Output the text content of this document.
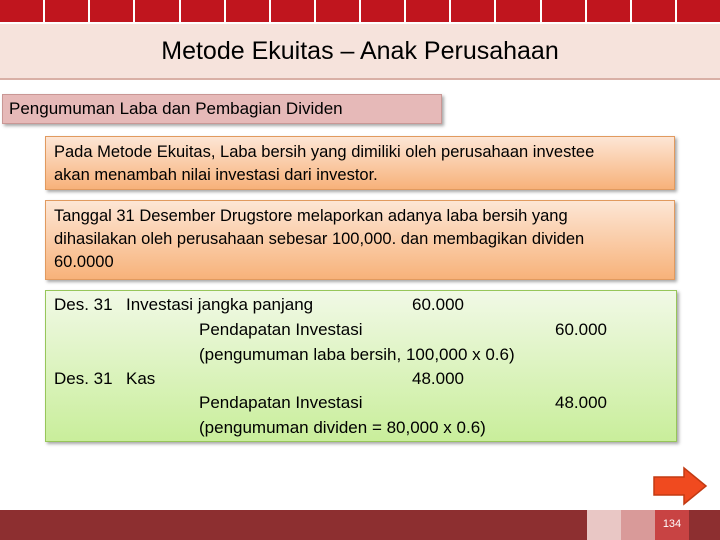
Metode Ekuitas – Anak Perusahaan
Pengumuman Laba dan Pembagian Dividen
Pada Metode Ekuitas, Laba bersih yang dimiliki oleh perusahaan investee
akan menambah nilai investasi dari investor.
Tanggal 31 Desember Drugstore melaporkan adanya laba bersih yang
dihasilakan oleh perusahaan sebesar 100,000. dan membagikan dividen
60.0000
Des. 31 Investasi jangka panjang	60.000
Pendapatan Investasi	60.000
(pengumuman laba bersih, 100,000 x 0.6)
Des. 31 Kas	48.000
Pendapatan Investasi	48.000
(pengumuman dividen = 80,000 x 0.6)
134
